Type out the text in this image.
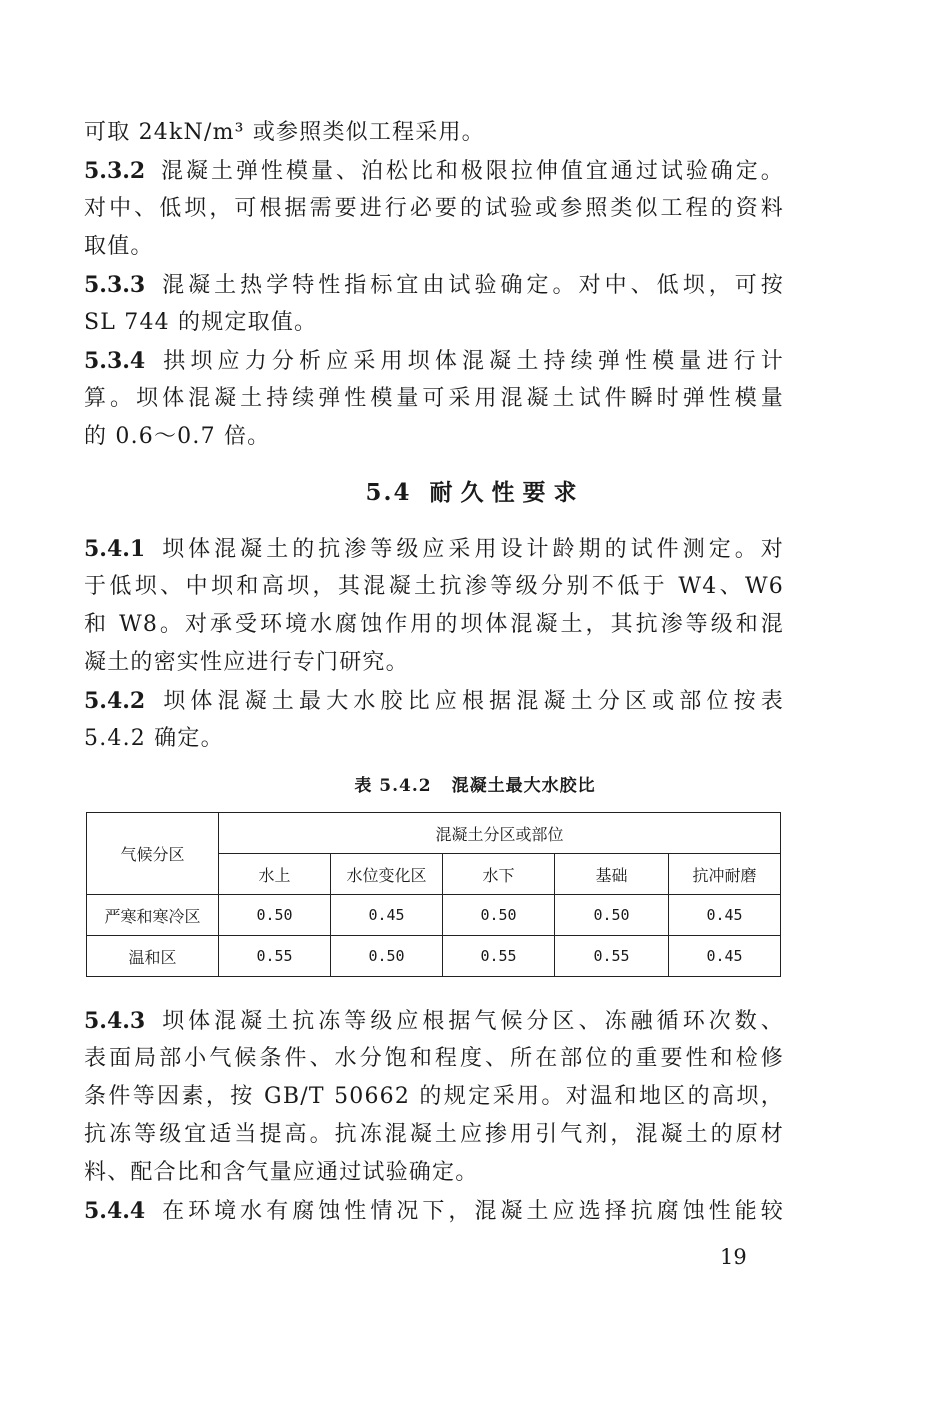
可取 24kN/m³ 或参照类似工程采用。
5.3.2 混凝土弹性模量、泊松比和极限拉伸值宜通过试验确定。
对中、低坝，可根据需要进行必要的试验或参照类似工程的资料
取值。
5.3.3 混凝土热学特性指标宜由试验确定。对中、低坝，可按
SL 744 的规定取值。
5.3.4 拱坝应力分析应采用坝体混凝土持续弹性模量进行计
算。坝体混凝土持续弹性模量可采用混凝土试件瞬时弹性模量
的 0.6～0.7 倍。
5.4 耐久性要求
5.4.1 坝体混凝土的抗渗等级应采用设计龄期的试件测定。对
于低坝、中坝和高坝，其混凝土抗渗等级分别不低于 W4、W6
和 W8。对承受环境水腐蚀作用的坝体混凝土，其抗渗等级和混
凝土的密实性应进行专门研究。
5.4.2 坝体混凝土最大水胶比应根据混凝土分区或部位按表
5.4.2 确定。
表 5.4.2 混凝土最大水胶比
气候分区	混凝土分区或部位				
	水上	水位变化区	水下	基础	抗冲耐磨
严寒和寒冷区	0.50	0.45	0.50	0.50	0.45
温和区	0.55	0.50	0.55	0.55	0.45
5.4.3 坝体混凝土抗冻等级应根据气候分区、冻融循环次数、
表面局部小气候条件、水分饱和程度、所在部位的重要性和检修
条件等因素，按 GB/T 50662 的规定采用。对温和地区的高坝，
抗冻等级宜适当提高。抗冻混凝土应掺用引气剂，混凝土的原材
料、配合比和含气量应通过试验确定。
5.4.4 在环境水有腐蚀性情况下，混凝土应选择抗腐蚀性能较
19
